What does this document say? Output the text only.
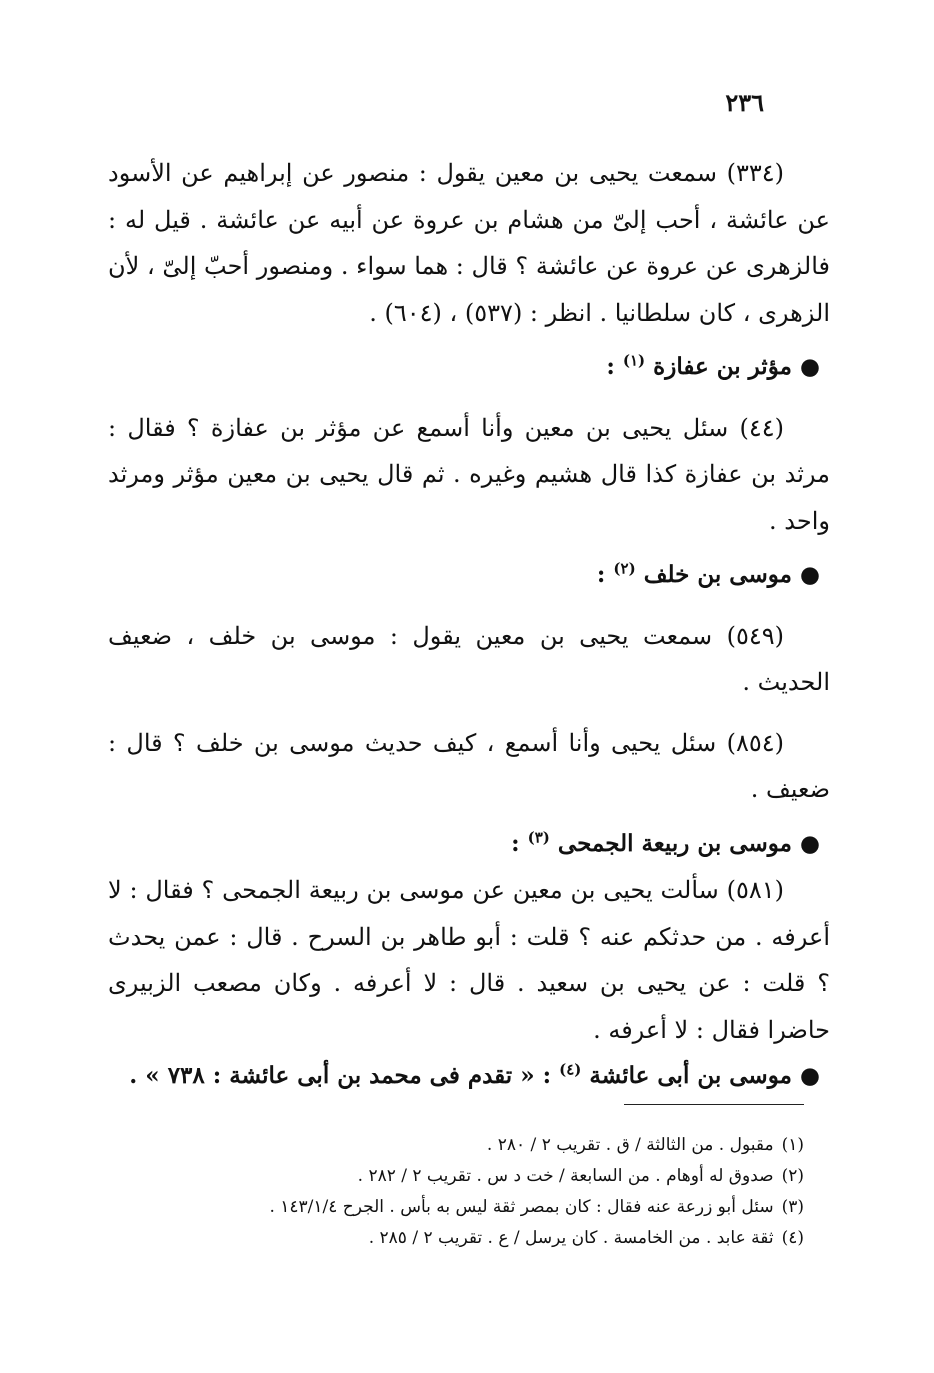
٢٣٦

(٣٣٤) سمعت يحيى بن معين يقول : منصور عن إبراهيم عن الأسود عن عائشة ، أحب إلىّ من هشام بن عروة عن أبيه عن عائشة . قيل له : فالزهرى عن عروة عن عائشة ؟ قال : هما سواء . ومنصور أحبّ إلىّ ، لأن الزهرى ، كان سلطانيا . انظر : (٥٣٧) ، (٦٠٤) .

●مؤثر بن عفازة $^{(١)}$ :

(٤٤) سئل يحيى بن معين وأنا أسمع عن مؤثر بن عفازة ؟ فقال : مرثد بن عفازة كذا قال هشيم وغيره . ثم قال يحيى بن معين مؤثر ومرثد واحد .

●موسى بن خلف $^{(٢)}$ :

(٥٤٩) سمعت يحيى بن معين يقول : موسى بن خلف ، ضعيف الحديث .

(٨٥٤) سئل يحيى وأنا أسمع ، كيف حديث موسى بن خلف ؟ قال : ضعيف .

●موسى بن ربيعة الجمحى $^{(٣)}$ :

(٥٨١) سألت يحيى بن معين عن موسى بن ربيعة الجمحى ؟ فقال : لا أعرفه . من حدثكم عنه ؟ قلت : أبو طاهر بن السرح . قال : عمن يحدث ؟ قلت : عن يحيى بن سعيد . قال : لا أعرفه . وكان مصعب الزبيرى حاضرا فقال : لا أعرفه .

●موسى بن أبى عائشة $^{(٤)}$ : « تقدم فى محمد بن أبى عائشة : ٧٣٨ » .

(١)مقبول . من الثالثة / ق . تقريب ٢ / ٢٨٠ .

(٢)صدوق له أوهام . من السابعة / خت د س . تقريب ٢ / ٢٨٢ .

(٣)سئل أبو زرعة عنه فقال : كان بمصر ثقة ليس به بأس . الجرح ١٤٣/١/٤ .

(٤)ثقة عابد . من الخامسة . كان يرسل / ع . تقريب ٢ / ٢٨٥ .
